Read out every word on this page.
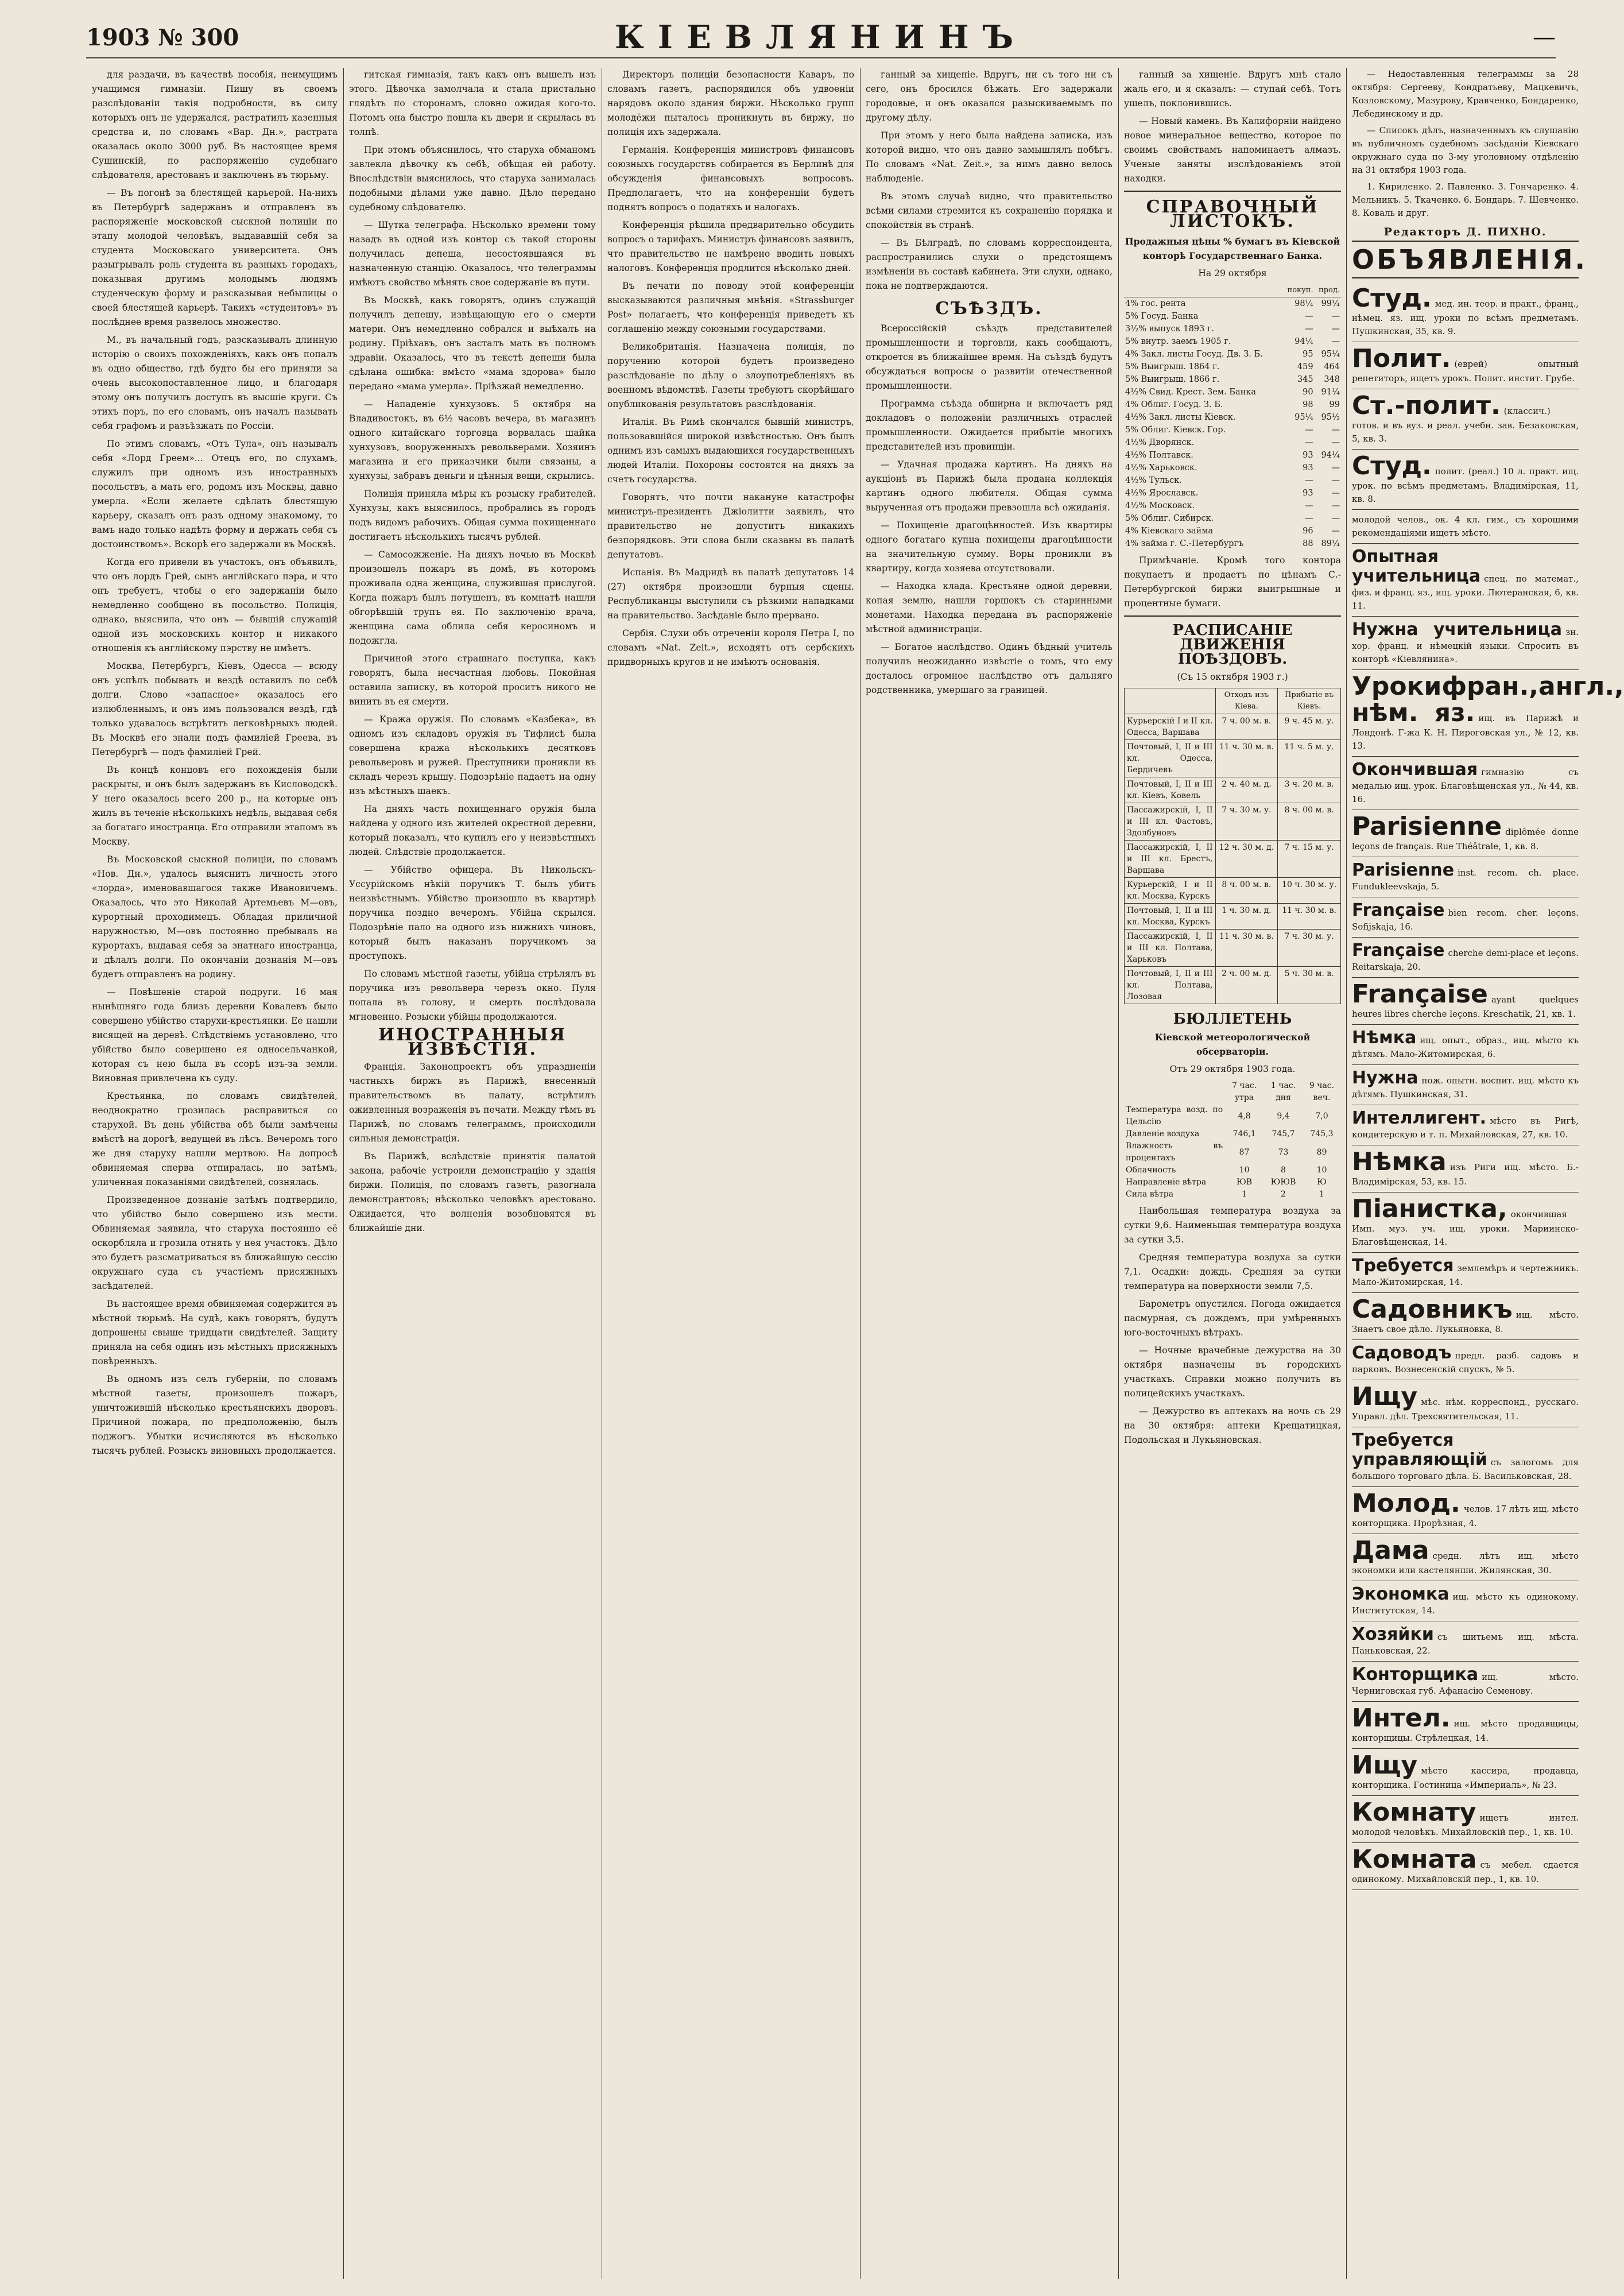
1903 № 300	КІЕВЛЯНИНЪ	—

для раздачи, въ качествѣ пособія, неимущимъ учащимся гимназіи. Пишу въ своемъ разслѣдованіи такія подробности, въ силу которыхъ онъ не удержался, растратилъ казенныя средства и, по словамъ «Вар. Дн.», растрата оказалась около 3000 руб. Въ настоящее время Сушинскій, по распоряженію судебнаго слѣдователя, арестованъ и заключенъ въ тюрьму.

— Въ погонѣ за блестящей карьерой. На-нихъ въ Петербургѣ задержанъ и отправленъ въ распоряженіе московской сыскной полиціи по этапу молодой человѣкъ, выдававшій себя за студента Московскаго университета. Онъ разыгрывалъ роль студента въ разныхъ городахъ, показывая другимъ молодымъ людямъ студенческую форму и разсказывая небылицы о своей блестящей карьерѣ. Такихъ «студентовъ» въ послѣднее время развелось множество.

М., въ начальный годъ, разсказывалъ длинную исторію о своихъ похожденіяхъ, какъ онъ попалъ въ одно общество, гдѣ будто бы его приняли за очень высокопоставленное лицо, и благодаря этому онъ получилъ доступъ въ высшіе круги. Съ этихъ поръ, по его словамъ, онъ началъ называть себя графомъ и разъѣзжать по Россіи.

По этимъ словамъ, «Отъ Тула», онъ называлъ себя «Лорд Греем»... Отецъ его, по слухамъ, служилъ при одномъ изъ иностранныхъ посольствъ, а мать его, родомъ изъ Москвы, давно умерла. «Если желаете сдѣлать блестящую карьеру, сказалъ онъ разъ одному знакомому, то вамъ надо только надѣть форму и держать себя съ достоинствомъ». Вскорѣ его задержали въ Москвѣ.

Когда его привели въ участокъ, онъ объявилъ, что онъ лордъ Грей, сынъ англійскаго пэра, и что онъ требуетъ, чтобы о его задержаніи было немедленно сообщено въ посольство. Полиція, однако, выяснила, что онъ — бывшій служащій одной изъ московскихъ контор и никакого отношенія къ англійскому пэрству не имѣетъ.

Москва, Петербургъ, Кіевъ, Одесса — всюду онъ успѣлъ побывать и вездѣ оставилъ по себѣ долги. Слово «запасное» оказалось его излюбленнымъ, и онъ имъ пользовался вездѣ, гдѣ только удавалось встрѣтить легковѣрныхъ людей. Въ Москвѣ его знали подъ фамиліей Греева, въ Петербургѣ — подъ фамиліей Грей.

Въ концѣ концовъ его похожденія были раскрыты, и онъ былъ задержанъ въ Кисловодскѣ. У него оказалось всего 200 р., на которые онъ жилъ въ теченіе нѣсколькихъ недѣль, выдавая себя за богатаго иностранца. Его отправили этапомъ въ Москву.

Въ Московской сыскной полиціи, по словамъ «Нов. Дн.», удалось выяснить личность этого «лорда», именовавшагося также Ивановичемъ. Оказалось, что это Николай Артемьевъ М—овъ, курортный проходимецъ. Обладая приличной наружностью, М—овъ постоянно пребывалъ на курортахъ, выдавая себя за знатнаго иностранца, и дѣлалъ долги. По окончаніи дознанія М—овъ будетъ отправленъ на родину.

— Повѣшеніе старой подруги. 16 мая нынѣшняго года близъ деревни Ковалевъ было совершено убійство старухи-крестьянки. Ее нашли висящей на деревѣ. Слѣдствіемъ установлено, что убійство было совершено ея односельчанкой, которая съ нею была въ ссорѣ изъ-за земли. Виновная привлечена къ суду.

Крестьянка, по словамъ свидѣтелей, неоднократно грозилась расправиться со старухой. Въ день убійства обѣ были замѣчены вмѣстѣ на дорогѣ, ведущей въ лѣсъ. Вечеромъ того же дня старуху нашли мертвою. На допросѣ обвиняемая сперва отпиралась, но затѣмъ, уличенная показаніями свидѣтелей, сознялась.

Произведенное дознаніе затѣмъ подтвердило, что убійство было совершено изъ мести. Обвиняемая заявила, что старуха постоянно её оскорбляла и грозила отнять у нея участокъ. Дѣло это будетъ разсматриваться въ ближайшую сессію окружнаго суда съ участіемъ присяжныхъ засѣдателей.

Въ настоящее время обвиняемая содержится въ мѣстной тюрьмѣ. На судѣ, какъ говорятъ, будутъ допрошены свыше тридцати свидѣтелей. Защиту приняла на себя одинъ изъ мѣстныхъ присяжныхъ повѣренныхъ.

Въ одномъ изъ селъ губерніи, по словамъ мѣстной газеты, произошелъ пожаръ, уничтожившій нѣсколько крестьянскихъ дворовъ. Причиной пожара, по предположенію, былъ поджогъ. Убытки исчисляются въ нѣсколько тысячъ рублей. Розыскъ виновныхъ продолжается.

гитская гимназія, такъ какъ онъ вышелъ изъ этого. Дѣвочка замолчала и стала пристально глядѣть по сторонамъ, словно ожидая кого-то. Потомъ она быстро пошла къ двери и скрылась въ толпѣ.

При этомъ объяснилось, что старуха обманомъ завлекла дѣвочку къ себѣ, обѣщая ей работу. Впослѣдствіи выяснилось, что старуха занималась подобными дѣлами уже давно. Дѣло передано судебному слѣдователю.

— Шутка телеграфа. Нѣсколько времени тому назадъ въ одной изъ контор съ такой стороны получилась депеша, несостоявшаяся въ назначенную станцію. Оказалось, что телеграммы имѣютъ свойство мѣнять свое содержаніе въ пути.

Въ Москвѣ, какъ говорятъ, одинъ служащій получилъ депешу, извѣщающую его о смерти матери. Онъ немедленно собрался и выѣхалъ на родину. Пріѣхавъ, онъ засталъ мать въ полномъ здравіи. Оказалось, что въ текстѣ депеши была сдѣлана ошибка: вмѣсто «мама здорова» было передано «мама умерла». Пріѣзжай немедленно.

— Нападеніе хунхузовъ. 5 октября на Владивостокъ, въ 6½ часовъ вечера, въ магазинъ одного китайскаго торговца ворвалась шайка хунхузовъ, вооруженныхъ револьверами. Хозяинъ магазина и его приказчики были связаны, а хунхузы, забравъ деньги и цѣнныя вещи, скрылись.

Полиція приняла мѣры къ розыску грабителей. Хунхузы, какъ выяснилось, пробрались въ городъ подъ видомъ рабочихъ. Общая сумма похищеннаго достигаетъ нѣсколькихъ тысячъ рублей.

— Самосожженіе. На дняхъ ночью въ Москвѣ произошелъ пожаръ въ домѣ, въ которомъ проживала одна женщина, служившая прислугой. Когда пожаръ былъ потушенъ, въ комнатѣ нашли обгорѣвшій трупъ ея. По заключенію врача, женщина сама облила себя керосиномъ и подожгла.

Причиной этого страшнаго поступка, какъ говорятъ, была несчастная любовь. Покойная оставила записку, въ которой проситъ никого не винить въ ея смерти.

— Кража оружія. По словамъ «Казбека», въ одномъ изъ складовъ оружія въ Тифлисѣ была совершена кража нѣсколькихъ десятковъ револьверовъ и ружей. Преступники проникли въ складъ черезъ крышу. Подозрѣніе падаетъ на одну изъ мѣстныхъ шаекъ.

На дняхъ часть похищеннаго оружія была найдена у одного изъ жителей окрестной деревни, который показалъ, что купилъ его у неизвѣстныхъ людей. Слѣдствіе продолжается.

— Убійство офицера. Въ Никольскъ-Уссурійскомъ нѣкій поручикъ Т. былъ убитъ неизвѣстнымъ. Убійство произошло въ квартирѣ поручика поздно вечеромъ. Убійца скрылся. Подозрѣніе пало на одного изъ нижнихъ чиновъ, который былъ наказанъ поручикомъ за проступокъ.

По словамъ мѣстной газеты, убійца стрѣлялъ въ поручика изъ револьвера черезъ окно. Пуля попала въ голову, и смерть послѣдовала мгновенно. Розыски убійцы продолжаются.

ИНОСТРАННЫЯ ИЗВѢСТІЯ.

Франція. Законопроектъ объ упраздненіи частныхъ биржъ въ Парижѣ, внесенный правительствомъ въ палату, встрѣтилъ оживленныя возраженія въ печати. Между тѣмъ въ Парижѣ, по словамъ телеграммъ, происходили сильныя демонстраціи.

Въ Парижѣ, вслѣдствіе принятія палатой закона, рабочіе устроили демонстрацію у зданія биржи. Полиція, по словамъ газетъ, разогнала демонстрантовъ; нѣсколько человѣкъ арестовано. Ожидается, что волненія возобновятся въ ближайшіе дни.

Директоръ полиціи безопасности Каваръ, по словамъ газетъ, распорядился объ удвоеніи нарядовъ около здания биржи. Нѣсколько групп молодёжи пыталось проникнуть въ биржу, но полиція ихъ задержала.

Германія. Конференція министровъ финансовъ союзныхъ государствъ собирается въ Берлинѣ для обсужденія финансовыхъ вопросовъ. Предполагаетъ, что на конференціи будетъ поднятъ вопросъ о податяхъ и налогахъ.

Конференція рѣшила предварительно обсудить вопросъ о тарифахъ. Министръ финансовъ заявилъ, что правительство не намѣрено вводить новыхъ налоговъ. Конференція продлится нѣсколько дней.

Въ печати по поводу этой конференціи высказываются различныя мнѣнія. «Strassburger Post» полагаетъ, что конференція приведетъ къ соглашенію между союзными государствами.

Великобританія. Назначена полиція, по поручению которой будетъ произведено разслѣдованіе по дѣлу о злоупотребленіяхъ въ военномъ вѣдомствѣ. Газеты требуютъ скорѣйшаго опубликованія результатовъ разслѣдованія.

Италія. Въ Римѣ скончался бывшій министръ, пользовавшійся широкой извѣстностью. Онъ былъ однимъ изъ самыхъ выдающихся государственныхъ людей Италіи. Похороны состоятся на дняхъ за счетъ государства.

Говорятъ, что почти накануне катастрофы министръ-президентъ Джіолитти заявилъ, что правительство не допуститъ никакихъ безпорядковъ. Эти слова были сказаны въ палатѣ депутатовъ.

Испанія. Въ Мадридѣ въ палатѣ депутатовъ 14 (27) октября произошли бурныя сцены. Республиканцы выступили съ рѣзкими нападками на правительство. Засѣданіе было прервано.

Сербія. Слухи объ отреченіи короля Петра I, по словамъ «Nat. Zeit.», исходятъ отъ сербскихъ придворныхъ кругов и не имѣютъ основанія.

ганный за хищеніе. Вдругъ, ни съ того ни съ сего, онъ бросился бѣжать. Его задержали городовые, и онъ оказался разыскиваемымъ по другому дѣлу.

При этомъ у него была найдена записка, изъ которой видно, что онъ давно замышлялъ побѣгъ. По словамъ «Nat. Zeit.», за нимъ давно велось наблюденіе.

Въ этомъ случаѣ видно, что правительство всѣми силами стремится къ сохраненію порядка и спокойствія въ странѣ.

— Въ Бѣлградѣ, по словамъ корреспондента, распространились слухи о предстоящемъ измѣненіи въ составѣ кабинета. Эти слухи, однако, пока не подтверждаются.

СЪѢЗДЪ.

Всероссійскій съѣздъ представителей промышленности и торговли, какъ сообщаютъ, откроется въ ближайшее время. На съѣздѣ будутъ обсуждаться вопросы о развитіи отечественной промышленности.

Программа съѣзда обширна и включаетъ ряд докладовъ о положеніи различныхъ отраслей промышленности. Ожидается прибытіе многихъ представителей изъ провинціи.

— Удачная продажа картинъ. На дняхъ на аукціонѣ въ Парижѣ была продана коллекція картинъ одного любителя. Общая сумма вырученная отъ продажи превзошла всѣ ожиданія.

— Похищеніе драгоцѣнностей. Изъ квартиры одного богатаго купца похищены драгоцѣнности на значительную сумму. Воры проникли въ квартиру, когда хозяева отсутствовали.

— Находка клада. Крестьяне одной деревни, копая землю, нашли горшокъ съ старинными монетами. Находка передана въ распоряженіе мѣстной администраціи.

— Богатое наслѣдство. Одинъ бѣдный учитель получилъ неожиданно извѣстіе о томъ, что ему досталось огромное наслѣдство отъ дальняго родственника, умершаго за границей.

ганный за хищеніе. Вдругъ мнѣ стало жаль его, и я сказалъ: — ступай себѣ. Тотъ ушелъ, поклонившись.

— Новый камень. Въ Калифорніи найдено новое минеральное вещество, которое по своимъ свойствамъ напоминаетъ алмазъ. Ученые заняты изслѣдованіемъ этой находки.

СПРАВОЧНЫЙ ЛИСТОКЪ.
Продажныя цѣны % бумагъ въ Кіевской конторѣ Государственнаго Банка.
На 29 октября
	покуп.	прод.
4% гос. рента	98¼	99¼
5% Госуд. Банка	—	—
3½% выпуск 1893 г.	—	—
5% внутр. заемъ 1905 г.	94¼	—
4% Закл. листы Госуд. Дв. З. Б.	95	95¼
5% Выигрыш. 1864 г.	459	464
5% Выигрыш. 1866 г.	345	348
4½% Свид. Крест. Зем. Банка	90	91¼
4% Облиг. Госуд. З. Б.	98	99
4½% Закл. листы Кіевск.	95¼	95½
5% Облиг. Кіевск. Гор.	—	—
4½% Дворянск.	—	—
4½% Полтавск.	93	94¼
4½% Харьковск.	93	—
4½% Тульск.	—	—
4½% Ярославск.	93	—
4½% Московск.	—	—
5% Облиг. Сибирск.	—	—
4% Кіевскаго займа	96	—
4% займа г. С.-Петербургъ	88	89¼

Примѣчаніе. Кромѣ того контора покупаетъ и продаетъ по цѣнамъ С.-Петербургской биржи выигрышные и процентные бумаги.

РАСПИСАНІЕ ДВИЖЕНІЯ ПОѢЗДОВЪ.
(Съ 15 октября 1903 г.)
	Отходъ изъ Кіева.	Прибытіе въ Кіевъ.
Курьерскій I и II кл. Одесса, Варшава	7 ч. 00 м. в.	9 ч. 45 м. у.
Почтовый, I, II и III кл. Одесса, Бердичевъ	11 ч. 30 м. в.	11 ч. 5 м. у.
Почтовый, I, II и III кл. Кіевъ, Ковель	2 ч. 40 м. д.	3 ч. 20 м. в.
Пассажирскій, I, II и III кл. Фастовъ, Здолбуновъ	7 ч. 30 м. у.	8 ч. 00 м. в.
Пассажирскій, I, II и III кл. Брестъ, Варшава	12 ч. 30 м. д.	7 ч. 15 м. у.
Курьерскій, I и II кл. Москва, Курскъ	8 ч. 00 м. в.	10 ч. 30 м. у.
Почтовый, I, II и III кл. Москва, Курскъ	1 ч. 30 м. д.	11 ч. 30 м. в.
Пассажирскій, I, II и III кл. Полтава, Харьковъ	11 ч. 30 м. в.	7 ч. 30 м. у.
Почтовый, I, II и III кл. Полтава, Лозовая	2 ч. 00 м. д.	5 ч. 30 м. в.
БЮЛЛЕТЕНЬ
Кіевской метеорологической обсерваторіи.
Отъ 29 октября 1903 года.
	7 час. утра	1 час. дня	9 час. веч.
Температура возд. по Цельсію	4,8	9,4	7,0
Давленіе воздуха	746,1	745,7	745,3
Влажность въ процентахъ	87	73	89
Облачность	10	8	10
Направленіе вѣтра	ЮВ	ЮЮВ	Ю
Сила вѣтра	1	2	1

Наибольшая температура воздуха за сутки 9,6. Наименьшая температура воздуха за сутки 3,5.

Средняя температура воздуха за сутки 7,1. Осадки: дождь. Средняя за сутки температура на поверхности земли 7,5.

Барометръ опустился. Погода ожидается пасмурная, съ дождемъ, при умѣренныхъ юго-восточныхъ вѣтрахъ.

— Ночные врачебные дежурства на 30 октября назначены въ городскихъ участкахъ. Справки можно получить въ полицейскихъ участкахъ.

— Дежурство въ аптекахъ на ночь съ 29 на 30 октября: аптеки Крещатицкая, Подольская и Лукьяновская.

— Недоставленныя телеграммы за 28 октября: Сергееву, Кондратьеву, Мацкевичъ, Козловскому, Мазурову, Кравченко, Бондаренко, Лебединскому и др.

— Списокъ дѣлъ, назначенныхъ къ слушанію въ публичномъ судебномъ засѣданіи Кіевскаго окружнаго суда по 3-му уголовному отдѣленію на 31 октября 1903 года.

1. Кириленко. 2. Павленко. 3. Гончаренко. 4. Мельникъ. 5. Ткаченко. 6. Бондарь. 7. Шевченко. 8. Коваль и друг.

Редакторъ Д. ПИХНО.
ОБЪЯВЛЕНІЯ.
Студ. мед. ин. теор. и практ., франц., нѣмец. яз. ищ. уроки по всѣмъ предметамъ. Пушкинская, 35, кв. 9.
Полит. (еврей) опытный репетиторъ, ищетъ урокъ. Полит. инстит. Грубе.
Ст.-полит. (классич.) готов. и въ вуз. и реал. учебн. зав. Безаковская, 5, кв. 3.
Студ. полит. (реал.) 10 л. практ. ищ. урок. по всѣмъ предметамъ. Владимірская, 11, кв. 8.
молодой челов., ок. 4 кл. гим., съ хорошими рекомендаціями ищетъ мѣсто.
Опытная учительница спец. по математ., физ. и франц. яз., ищ. уроки. Лютеранская, 6, кв. 11.
Нужна учительница зн. хор. франц. и нѣмецкій языки. Спросить въ конторѣ «Кіевлянина».
Урокифран.,англ., нѣм. яз. ищ. въ Парижѣ и Лондонѣ. Г-жа К. Н. Пироговская ул., № 12, кв. 13.
Окончившая гимназію съ медалью ищ. урок. Благовѣщенская ул., № 44, кв. 16.
Parisienne diplômée donne leçons de français. Rue Théâtrale, 1, кв. 8.
Parisienne inst. recom. ch. place. Fundukleevskaja, 5.
Française bien recom. cher. leçons. Sofijskaja, 16.
Française cherche demi-place et leçons. Reitarskaja, 20.
Française ayant quelques heures libres cherche leçons. Kreschatik, 21, кв. 1.
Нѣмка ищ. опыт., образ., ищ. мѣсто къ дѣтямъ. Мало-Житомирская, 6.
Нужна пож. опытн. воспит. ищ. мѣсто къ дѣтямъ. Пушкинская, 31.
Интеллигент. мѣсто въ Ригѣ, кондитерскую и т. п. Михайловская, 27, кв. 10.
Нѣмка изъ Риги ищ. мѣсто. Б.-Владимірская, 53, кв. 15.
Піанистка, окончившая Имп. муз. уч. ищ. уроки. Мариинско-Благовѣщенская, 14.
Требуется землемѣръ и чертежникъ. Мало-Житомирская, 14.
Садовникъ ищ. мѣсто. Знаетъ свое дѣло. Лукьяновка, 8.
Садоводъ предл. разб. садовъ и парковъ. Вознесенскій спускъ, № 5.
Ищу мѣс. нѣм. корреспонд., русскаго. Управл. дѣл. Трехсвятительская, 11.
Требуется управляющій съ залогомъ для большого торговаго дѣла. Б. Васильковская, 28.
Молод. челов. 17 лѣтъ ищ. мѣсто конторщика. Прорѣзная, 4.
Дама средн. лѣтъ ищ. мѣсто экономки или кастелянши. Жилянская, 30.
Экономка ищ. мѣсто къ одинокому. Институтская, 14.
Хозяйки съ шитьемъ ищ. мѣста. Паньковская, 22.
Конторщика ищ. мѣсто. Черниговская губ. Афанасію Семенову.
Интел. ищ. мѣсто продавщицы, конторщицы. Стрѣлецкая, 14.
Ищу мѣсто кассира, продавца, конторщика. Гостиница «Империаль», № 23.
Комнату ищетъ интел. молодой человѣкъ. Михайловскій пер., 1, кв. 10.
Комната съ мебел. сдается одинокому. Михайловскій пер., 1, кв. 10.
